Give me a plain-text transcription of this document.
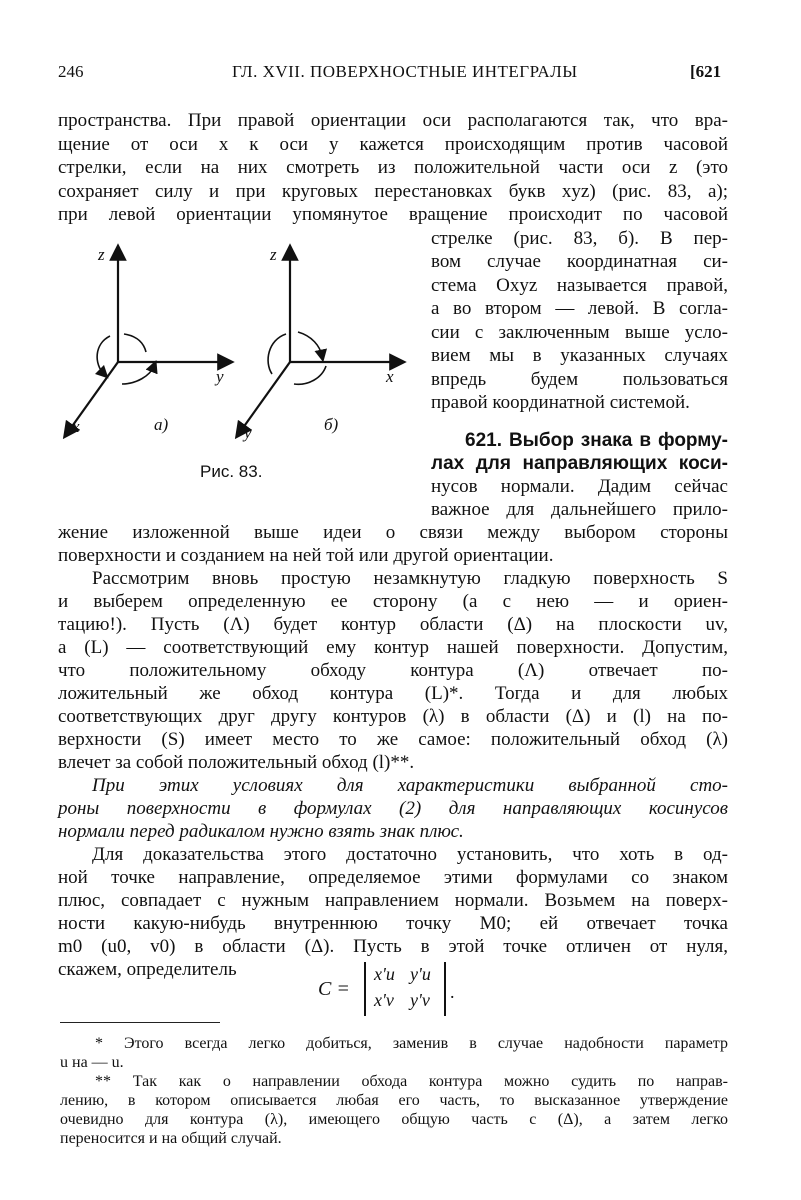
246	ГЛ. XVII. ПОВЕРХНОСТНЫЕ ИНТЕГРАЛЫ	[621
пространства. При правой ориентации оси располагаются так, что вра-
щение от оси x к оси y кажется происходящим против часовой
стрелки, если на них смотреть из положительной части оси z (это
сохраняет силу и при круговых перестановках букв xyz) (рис. 83, а);
при левой ориентации упомянутое вращение происходит по часовой
стрелке (рис. 83, б). В пер-
вом случае координатная си-
стема Oxyz называется правой,
а во втором — левой. В согла-
сии с заключенным выше усло-
вием мы в указанных случаях
впредь будем пользоваться
правой координатной системой.
z
y
x	а)
z
x
y	б)
Рис. 83.
621. Выбор знака в форму-
лах для направляющих коси-
нусов нормали. Дадим сейчас
важное для дальнейшего прило-
жение изложенной выше идеи о связи между выбором стороны
поверхности и созданием на ней той или другой ориентации.
Рассмотрим вновь простую незамкнутую гладкую поверхность S
и выберем определенную ее сторону (а с нею — и ориен-
тацию!). Пусть (Λ) будет контур области (Δ) на плоскости uv,
а (L) — соответствующий ему контур нашей поверхности. Допустим,
что положительному обходу контура (Λ) отвечает по-
ложительный же обход контура (L)*. Тогда и для любых
соответствующих друг другу контуров (λ) в области (Δ) и (l) на по-
верхности (S) имеет место то же самое: положительный обход (λ)
влечет за собой положительный обход (l)**.
При этих условиях для характеристики выбранной сто-
роны поверхности в формулах (2) для направляющих косинусов
нормали перед радикалом нужно взять знак плюс.
Для доказательства этого достаточно установить, что хоть в од-
ной точке направление, определяемое этими формулами со знаком
плюс, совпадает с нужным направлением нормали. Возьмем на поверх-
ности какую-нибудь внутреннюю точку M0; ей отвечает точка
m0 (u0, v0) в области (Δ). Пусть в этой точке отличен от нуля,
скажем, определитель
C =
x'u y'u
x'v y'v .
* Этого всегда легко добиться, заменив в случае надобности параметр
u на — u.
** Так как о направлении обхода контура можно судить по направ-
лению, в котором описывается любая его часть, то высказанное утверждение
очевидно для контура (λ), имеющего общую часть с (Δ), а затем легко
переносится и на общий случай.
